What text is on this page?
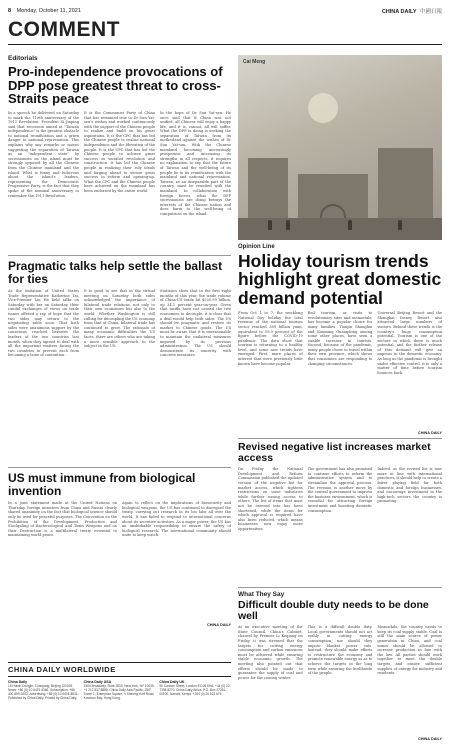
8 Monday, October 11, 2021	CHINA DAILY 中國日報
COMMENT
Editorials
Pro-independence provocations of DPP pose greatest threat to cross-Straits peace
In a speech he delivered on Saturday to mark the 110th anniversary of the 1911 Revolution, President Xi Jinping said that secession aimed at "Taiwan independence" is the greatest obstacle to national reunification and a grave danger to national rejuvenation. This explains why any remarks or moves suggesting the separation of Taiwan as an "independent state" by secessionists on the island must be strongly opposed by all the Chinese from the Chinese mainland and the island. What is funny and ludicrous about the island's leaders, representing the Democratic Progressive Party, is the fact that they spoke of the nominal anniversary to remember the 1911 Revolution.
It is the Communist Party of China that has remained true to Dr Sun Yat-sen's wishes and worked continuously with the support of the Chinese people to realize and build on his great aspirations. It is the CPC that has led the Chinese people to realize national independence and the liberation of the people. It is the CPC that has led the Chinese people to achieve great success in socialist revolution and construction. It has led the Chinese people in realizing their ruly ideals and forging ahead to secure great success in reform and opening-up. What the CPC and the Chinese people have achieved on the mainland has been endorsed by the entire world.
In the hope of Dr Sun Yat-sen. He once said that if China was not unified, all Chinese will enjoy a happy life, and it is, cannot, all will suffer. What the DPP is doing is seeking the separation of Taiwan from its motherland against the wishes of Dr Sun Yat-sen. With the Chinese mainland becoming increasingly prosperous and increasing its strengths in all respects, it requires no explanation to say that the future of Taiwan and the well-being of its people lie in its reunification with the mainland and national rejuvenation. Taiwan, as an inseparable part of the country, must be reunited with the mainland. In collaboration with foreign forces, what the DPP secessionists are doing betrays the interests of the Chinese nation and does harm to the well-being of compatriots on the island.
Pragmatic talks help settle the ballast for ties
As the imitation of United States Trade Representative Katherine Tai, Vice-Premier Liu He held talks on Saturday with her on Saturday, their candid exchanges of views on trade issues offered a ray of hope that the two sides may return to the negotiating table soon. That both sides were unanimous support by the consensus reached between the leaders of the two countries last month, when they agreed to deal with all the important matters facing the two countries to prevent each from becoming a bone of contention.
It is good to see that in the virtual meeting on Saturday both sides acknowledged the importance of bilateral trade relations, not only to their own economies but also to the world. Whether Washington is still calling for decoupling the US economy from that of China, bilateral trade has continued to grow. The rationale of many economic difficulties the US faces, there are others who are taking a more sensible approach to the subject in the US.
Statistics show that in the first eight months of this year, the trade volume of China-US trade hit $500.99 billion, up 34.1 percent year-on-year. Given that tariffs have not caused the two economies to decouple, it is clear that a deal would help both sides. The US should be pragmatic and restore its market to Chinese goods. The US must be aware that it is unreasonable to maintain the unilateral measures imposed by its previous administration. The US should demonstrate its sincerity with concrete measures.
US must immune from biological invention
In a joint statement made at the United Nations on Thursday, foreign ministers from China and Russia clearly shared unanimity on the fact that biological science should only be used for peaceful purposes. The Convention on the Prohibition of the Development, Production and Stockpiling of Bacteriological and Toxin Weapons and on their Destruction is a multilateral treaty essential to maintaining world peace.
Again to reflect on the implications of biosecurity and biological weapons, the US has continued to disregard the treaty, carrying out research in its bio labs all over the world. It has failed to respond to international concerns about its secretive activities. As a major power, the US has an unshirkable responsibility to ensure the safety of biological research. The international community should unite to keep watch.
CHINA DAILY
Cai Meng
Opinion Line
Holiday tourism trends highlight great domestic demand potential
From Oct 1 to 7, the weeklong National Day holiday the total revenue of the national tourism sector reached 389 billion yuan, equivalent to 59.9 percent of the figure before the COVID-19 pandemic. The data show that tourism is returning to a healthy level, and some new trends have emerged. First, more places of interest that were previously little known have become popular.
Red tourism, or visits to revolutionary sites and memorials, has become a popular choice for many families. Tianjin Shanghai and Kunming Guangdong among some other places, have seen a sizable increase in tourists. Second, because of the pandemic, many people chose to travel within their own province, which shows that consumers are responding to changing circumstances.
Universal Beijing Resort and the Shanghai Disney Resort also attracted large numbers of visitors. Behind these trends is the country's huge consumption potential. Tourism is one of the sectors in which there is much potential, and the further release of this demand will give an impetus to the domestic economy. As long as the pandemic is brought under effective control, it is only a matter of time before tourism bounces back.
CHINA DAILY
Revised negative list increases market access
On Friday the National Development and Reform Commission published the updated version of the negative list for market access, which tightens restrictions on some industries while further easing access to others. The list of items that must not be entered into has been shortened, while the items for which approval is required have also been reduced, which means businesses now enjoy more opportunities.
The government has also promised to continue efforts to reform the administrative system and to streamline the approval process. The revision is another move by the central government to improve the business environment, which is essential for attracting foreign investment and boosting domestic consumption.
Indeed, as the revised list is now more in line with international practices, it should help to create a fairer playing field for both domestic and foreign businesses, and encourage investment in the high-tech sectors the country is promoting.
What They Say
Difficult double duty needs to be done well
At an executive meeting of the State Council, China's Cabinet, chaired by Premier Li Keqiang on Friday, it was stressed that the targets for cutting energy consumption and carbon emissions must be achieved while ensuring stable economic growth. The meeting also pointed out that efforts should be made to guarantee the supply of coal and power for the coming winter.
This is a difficult double duty. Local governments should not act rashly in cutting energy consumption, nor should they impose blanket power cuts. Instead, they should make efforts to restructure the economy and promote renewable energy so as to achieve the targets in the long term while ensuring the livelihoods of the people.
Meanwhile, the country needs to keep its coal supply stable. Coal is still the main source of power generation in China, and coal mines should be allowed to increase production in line with the law. All parties should work together to meet the double targets and ensure sufficient supplies of energy for industry and residents.
CHINA DAILY
CHINA DAILY WORLDWIDE
China Daily
15 Huixin Dongjie, Chaoyang, Beijing 100029. News: +86 (0) 10 6491 8366. Subscription: +86 400-699-0203. Advertising: +86 (0) 10 6491 8631. Published by China Daily. Printed by China Daily.
China Daily USA
1500 Broadway, Suite 2800, New York, NY 10036. +1 212 537 8888. China Daily Asia Pacific, 25/F, Tower 1, Enterprise Square, 9 Sheung Yuet Road, Kowloon Bay, Hong Kong.
China Daily UK
90 Cannon Street, London EC4N 6HA. +44 (0) 20 7398 8270. China Daily Africa, P.O. Box 27281-00100, Nairobi, Kenya. +254 (0) 20 522 675.
